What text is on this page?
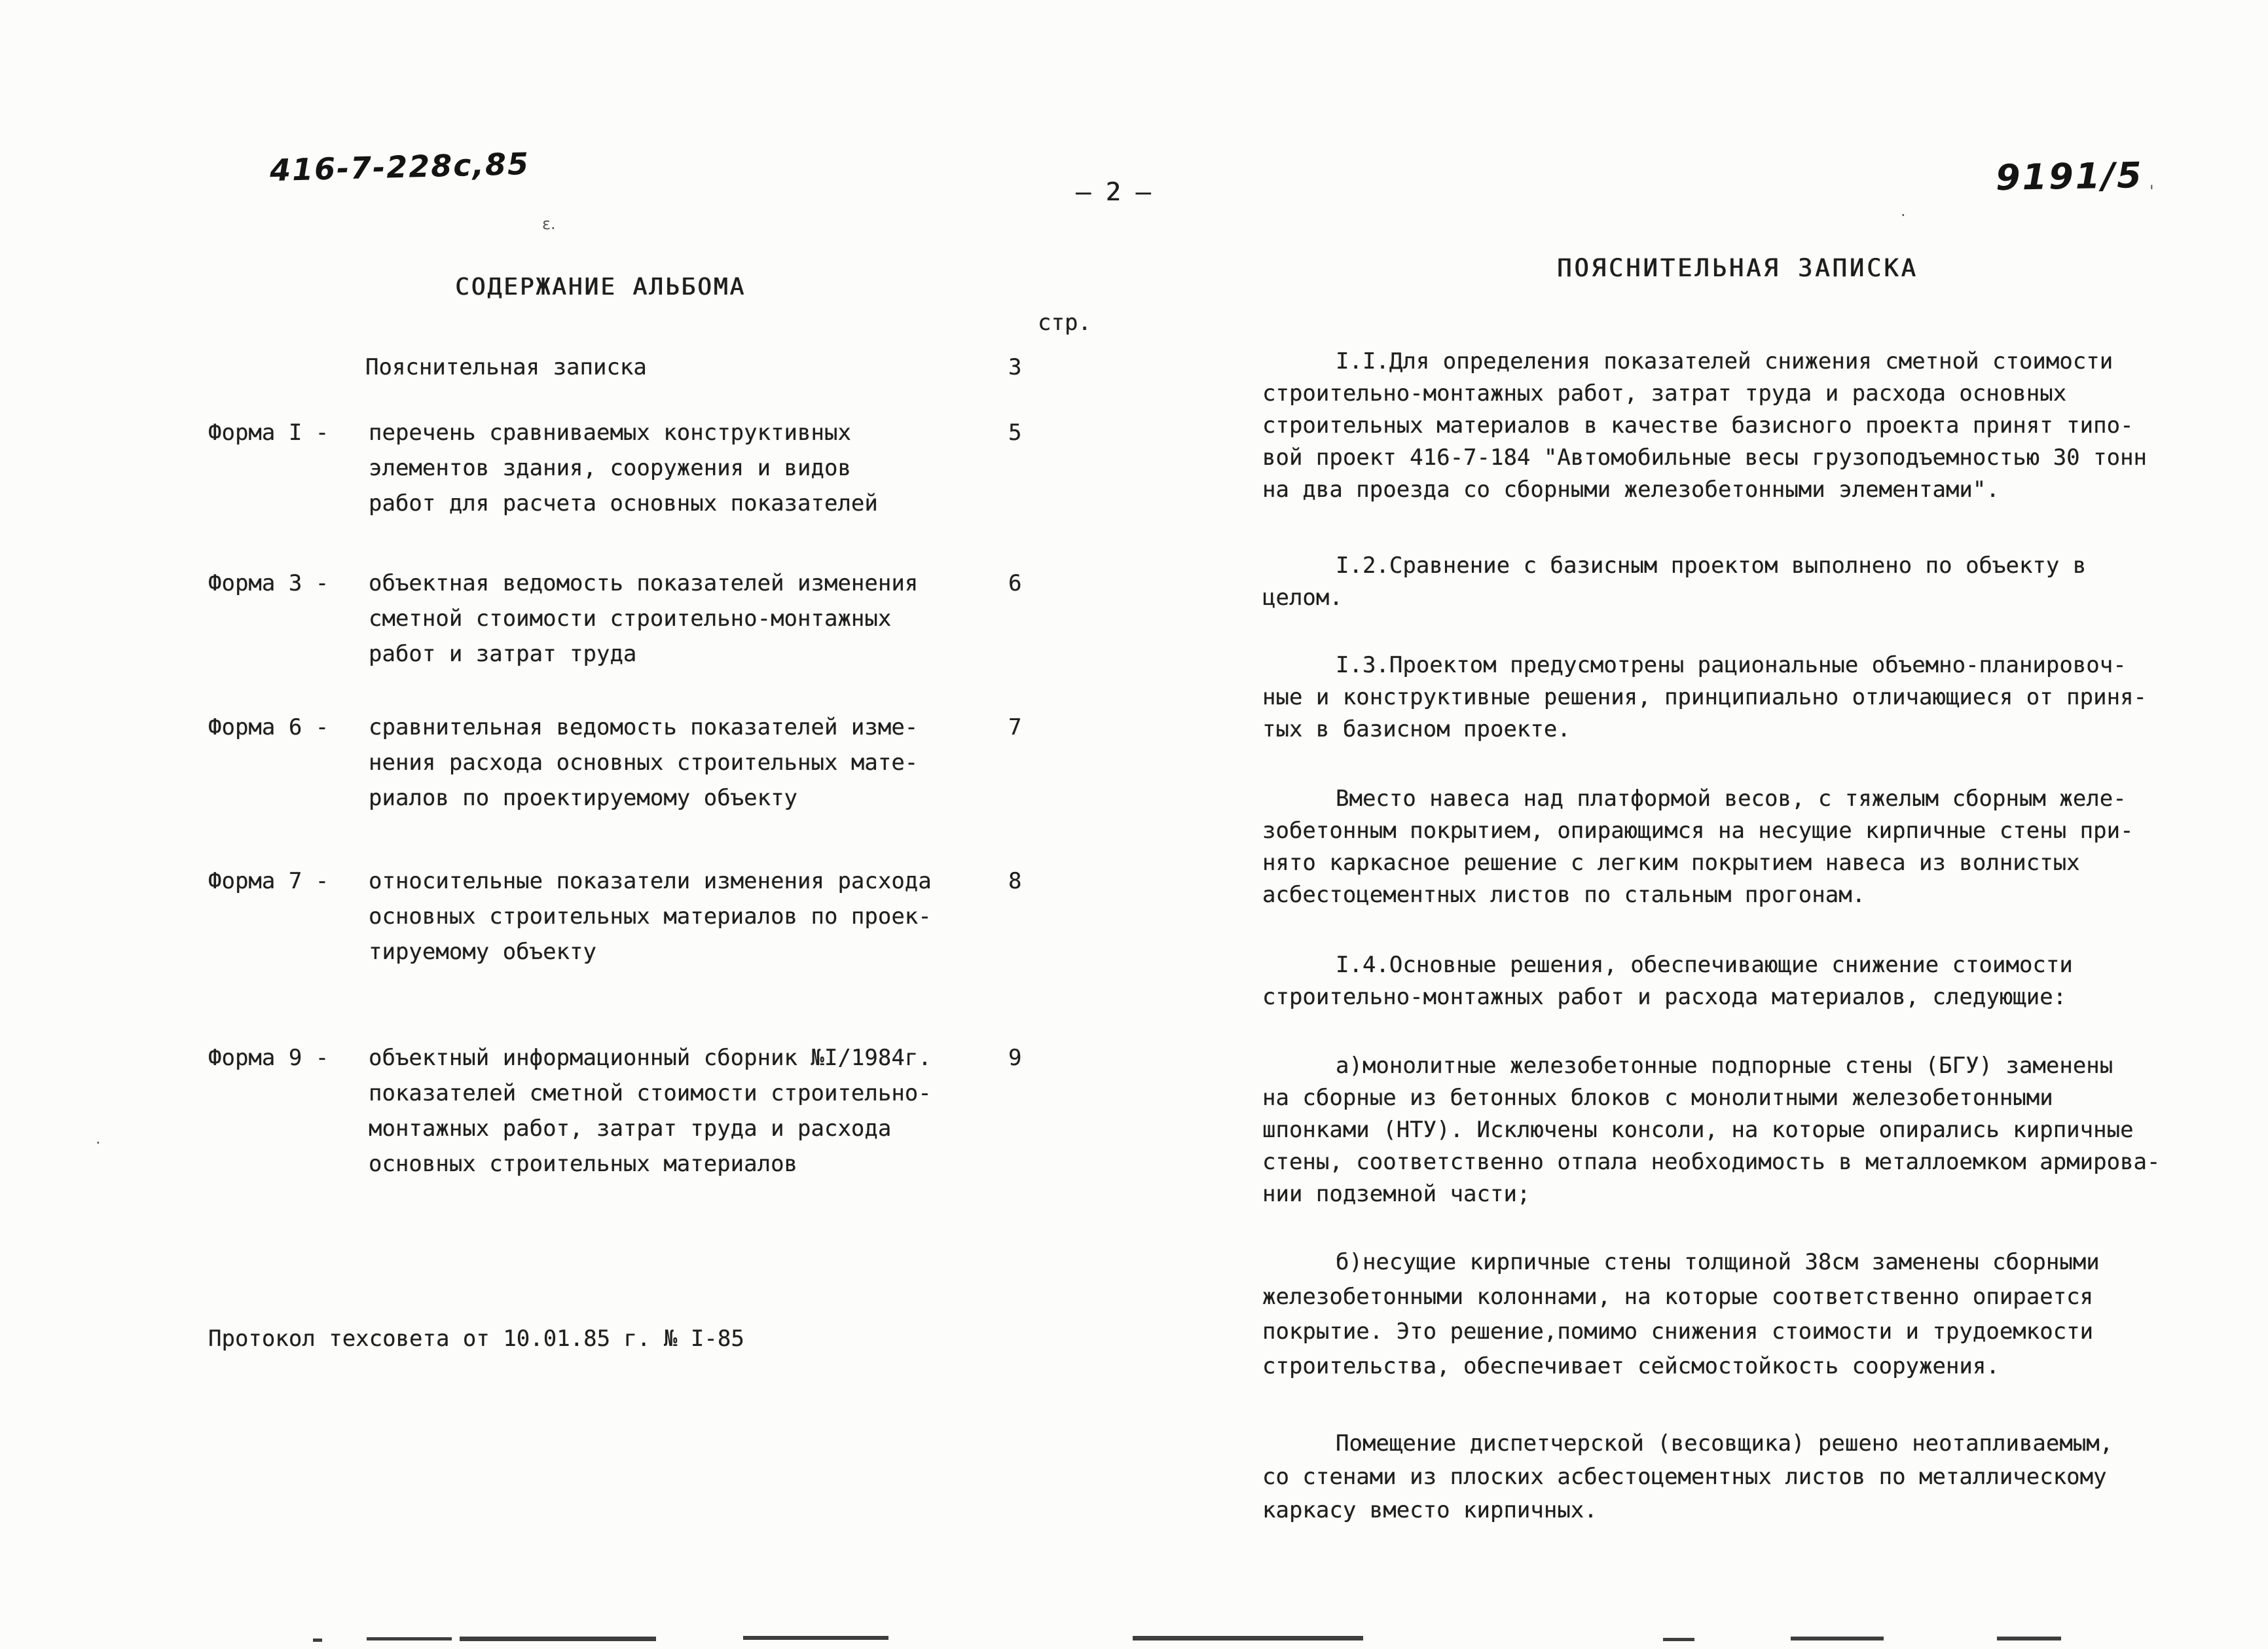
416-7-228с,85
— 2 —	9191/5
ε.
.
'
·
СОДЕРЖАНИЕ АЛЬБОМА
стр.
Пояснительная записка	3
Форма I - перечень сравниваемых конструктивных
элементов здания, сооружения и видов
работ для расчета основных показателей
5
Форма 3 - объектная ведомость показателей изменения
сметной стоимости строительно-монтажных
работ и затрат труда
6
Форма 6 - сравнительная ведомость показателей изме-
нения расхода основных строительных мате-
риалов по проектируемому объекту
7
Форма 7 - относительные показатели изменения расхода
основных строительных материалов по проек-
тируемому объекту
8
Форма 9 - объектный информационный сборник №I/1984г.
показателей сметной стоимости строительно-
монтажных работ, затрат труда и расхода
основных строительных материалов
9
Протокол техсовета от 10.01.85 г. № I-85
ПОЯСНИТЕЛЬНАЯ ЗАПИСКА
I.I.Для определения показателей снижения сметной стоимости
строительно-монтажных работ, затрат труда и расхода основных
строительных материалов в качестве базисного проекта принят типо-
вой проект 416-7-184 "Автомобильные весы грузоподъемностью 30 тонн
на два проезда со сборными железобетонными элементами".
I.2.Сравнение с базисным проектом выполнено по объекту в
целом.
I.3.Проектом предусмотрены рациональные объемно-планировоч-
ные и конструктивные решения, принципиально отличающиеся от приня-
тых в базисном проекте.
Вместо навеса над платформой весов, с тяжелым сборным желе-
зобетонным покрытием, опирающимся на несущие кирпичные стены при-
нято каркасное решение с легким покрытием навеса из волнистых
асбестоцементных листов по стальным прогонам.
I.4.Основные решения, обеспечивающие снижение стоимости
строительно-монтажных работ и расхода материалов, следующие:
а)монолитные железобетонные подпорные стены (БГУ) заменены
на сборные из бетонных блоков с монолитными железобетонными
шпонками (НТУ). Исключены консоли, на которые опирались кирпичные
стены, соответственно отпала необходимость в металлоемком армирова-
нии подземной части;
б)несущие кирпичные стены толщиной 38см заменены сборными
железобетонными колоннами, на которые соответственно опирается
покрытие. Это решение,помимо снижения стоимости и трудоемкости
строительства, обеспечивает сейсмостойкость сооружения.
Помещение диспетчерской (весовщика) решено неотапливаемым,
со стенами из плоских асбестоцементных листов по металлическому
каркасу вместо кирпичных.
